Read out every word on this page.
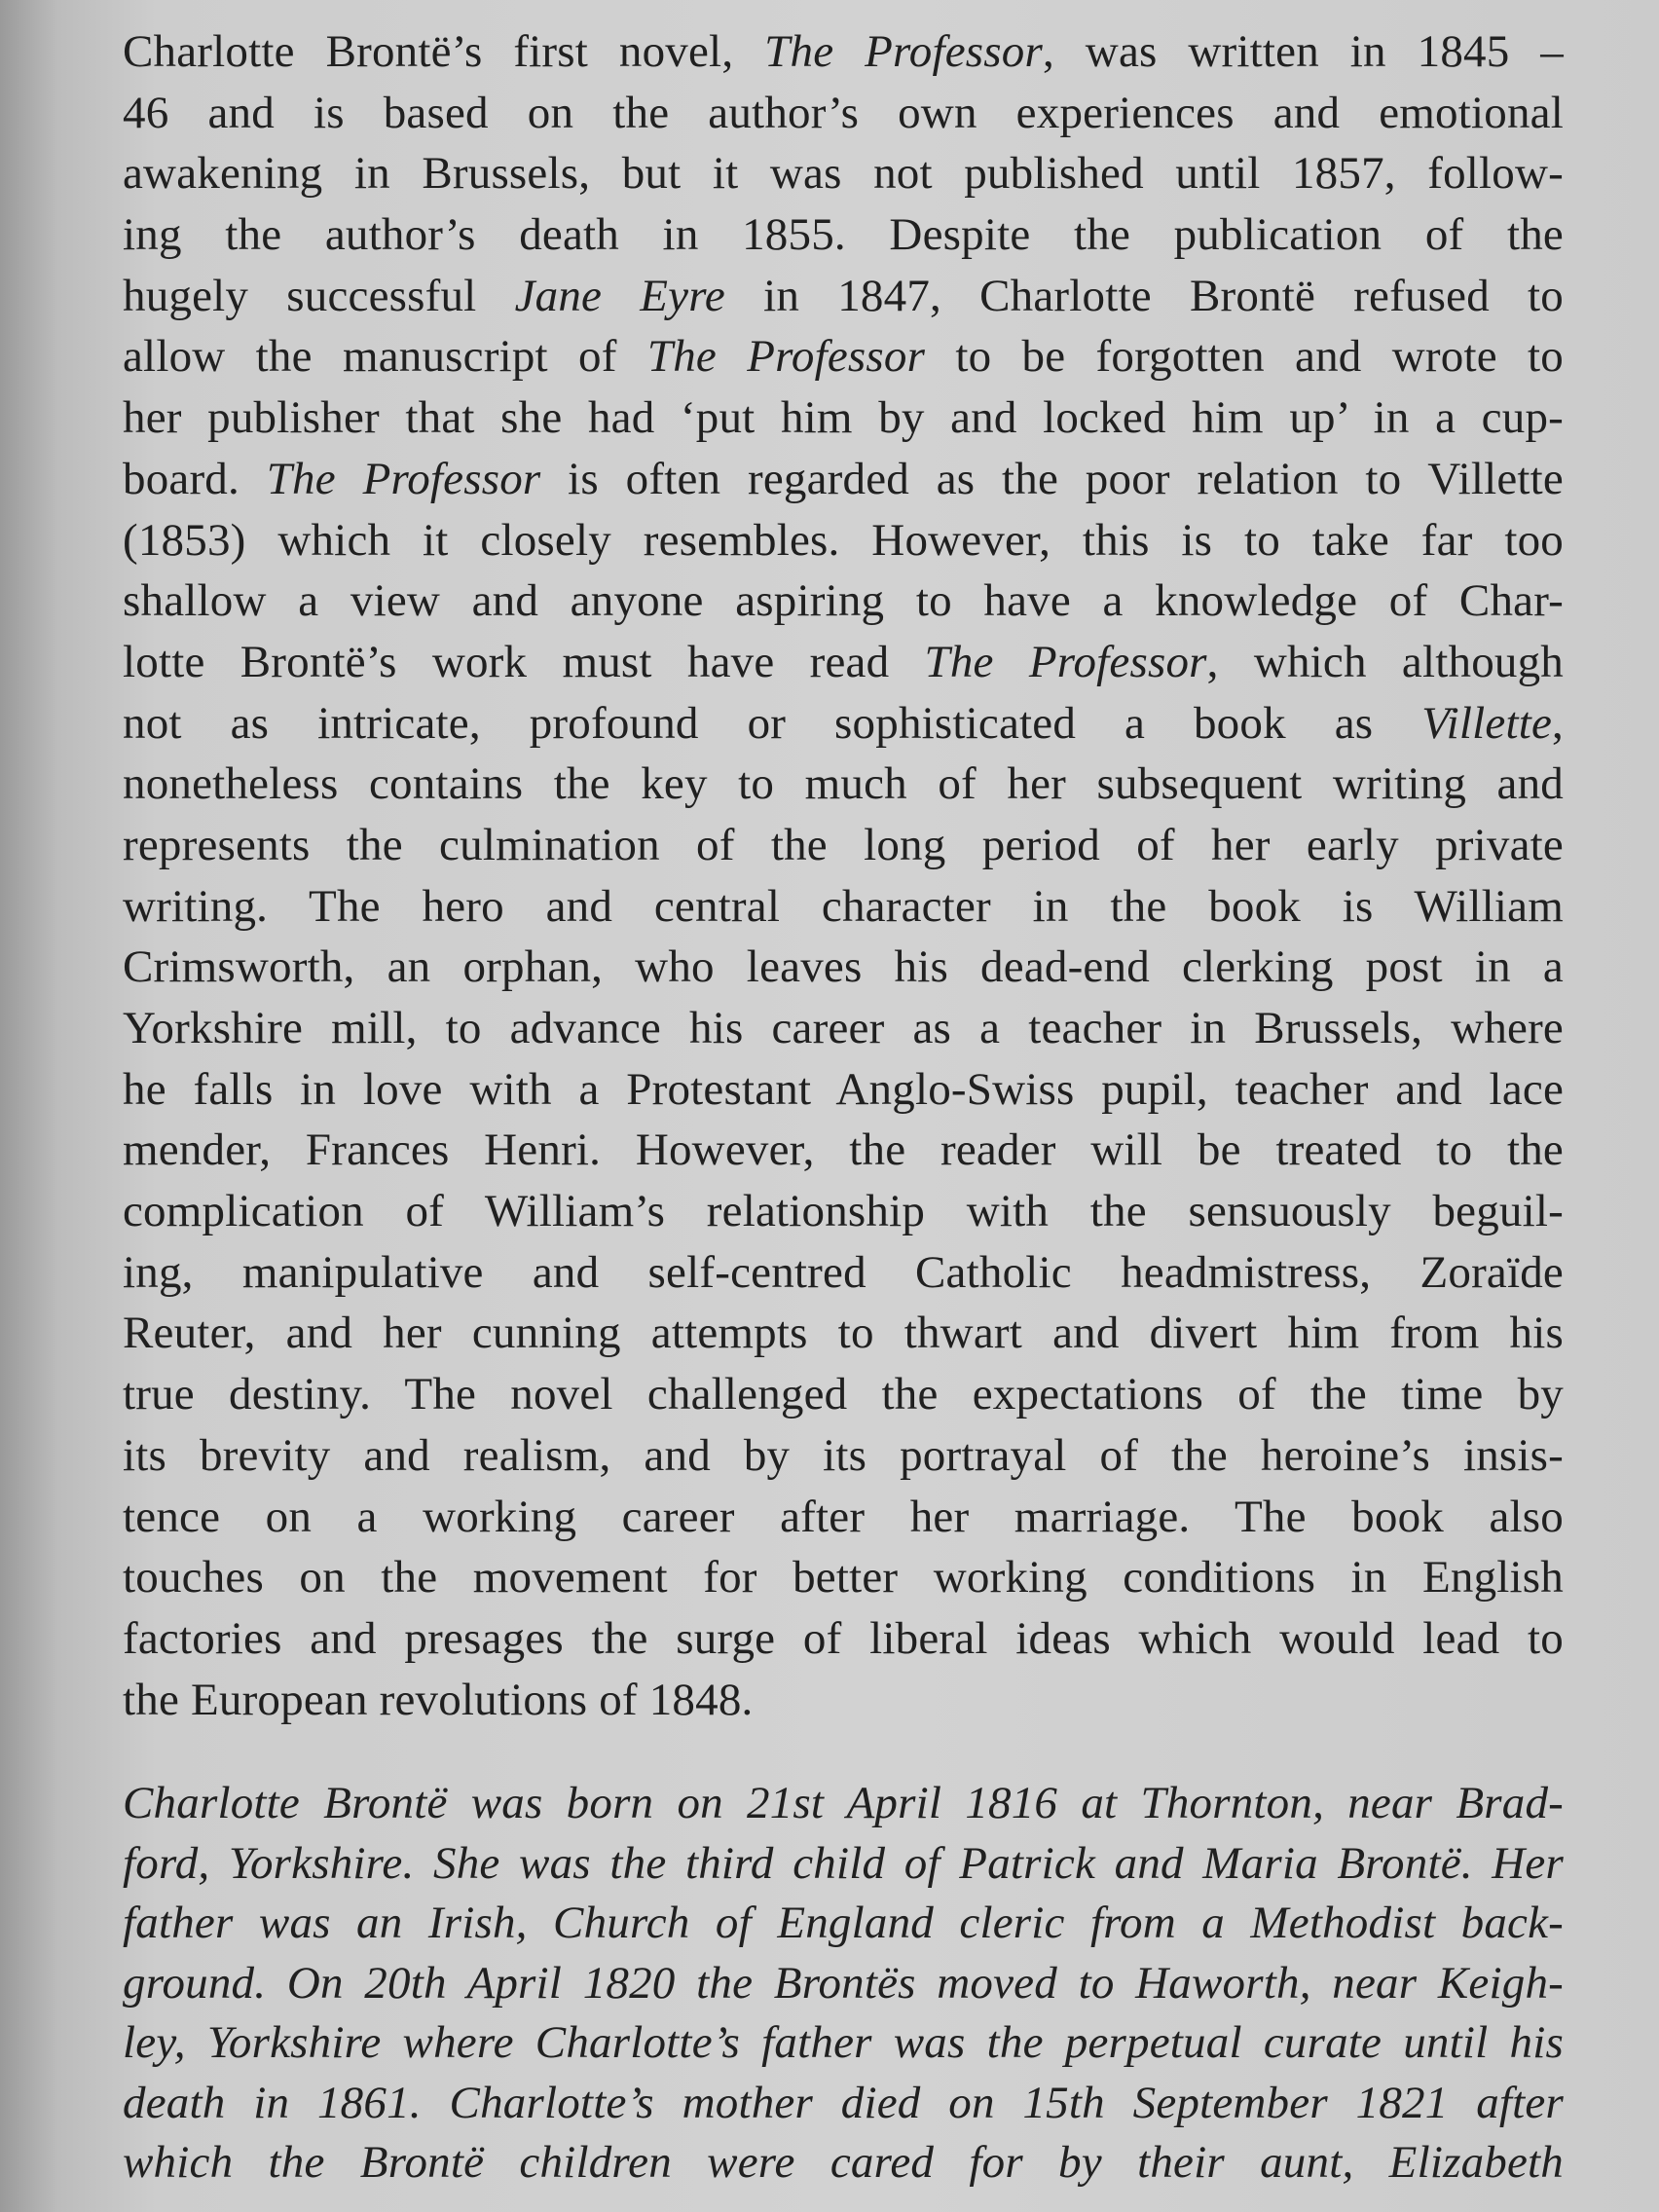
Charlotte Brontë’s first novel, The Professor, was written in 1845 –
46 and is based on the author’s own experiences and emotional
awakening in Brussels, but it was not published until 1857, follow-
ing the author’s death in 1855. Despite the publication of the
hugely successful Jane Eyre in 1847, Charlotte Brontë refused to
allow the manuscript of The Professor to be forgotten and wrote to
her publisher that she had ‘put him by and locked him up’ in a cup-
board. The Professor is often regarded as the poor relation to Villette
(1853) which it closely resembles. However, this is to take far too
shallow a view and anyone aspiring to have a knowledge of Char-
lotte Brontë’s work must have read The Professor, which although
not as intricate, profound or sophisticated a book as Villette,
nonetheless contains the key to much of her subsequent writing and
represents the culmination of the long period of her early private
writing. The hero and central character in the book is William
Crimsworth, an orphan, who leaves his dead-end clerking post in a
Yorkshire mill, to advance his career as a teacher in Brussels, where
he falls in love with a Protestant Anglo-Swiss pupil, teacher and lace
mender, Frances Henri. However, the reader will be treated to the
complication of William’s relationship with the sensuously beguil-
ing, manipulative and self-centred Catholic headmistress, Zoraïde
Reuter, and her cunning attempts to thwart and divert him from his
true destiny. The novel challenged the expectations of the time by
its brevity and realism, and by its portrayal of the heroine’s insis-
tence on a working career after her marriage. The book also
touches on the movement for better working conditions in English
factories and presages the surge of liberal ideas which would lead to
the European revolutions of 1848.
Charlotte Brontë was born on 21st April 1816 at Thornton, near Brad-
ford, Yorkshire. She was the third child of Patrick and Maria Brontë. Her
father was an Irish, Church of England cleric from a Methodist back-
ground. On 20th April 1820 the Brontës moved to Haworth, near Keigh-
ley, Yorkshire where Charlotte’s father was the perpetual curate until his
death in 1861. Charlotte’s mother died on 15th September 1821 after
which the Brontë children were cared for by their aunt, Elizabeth
